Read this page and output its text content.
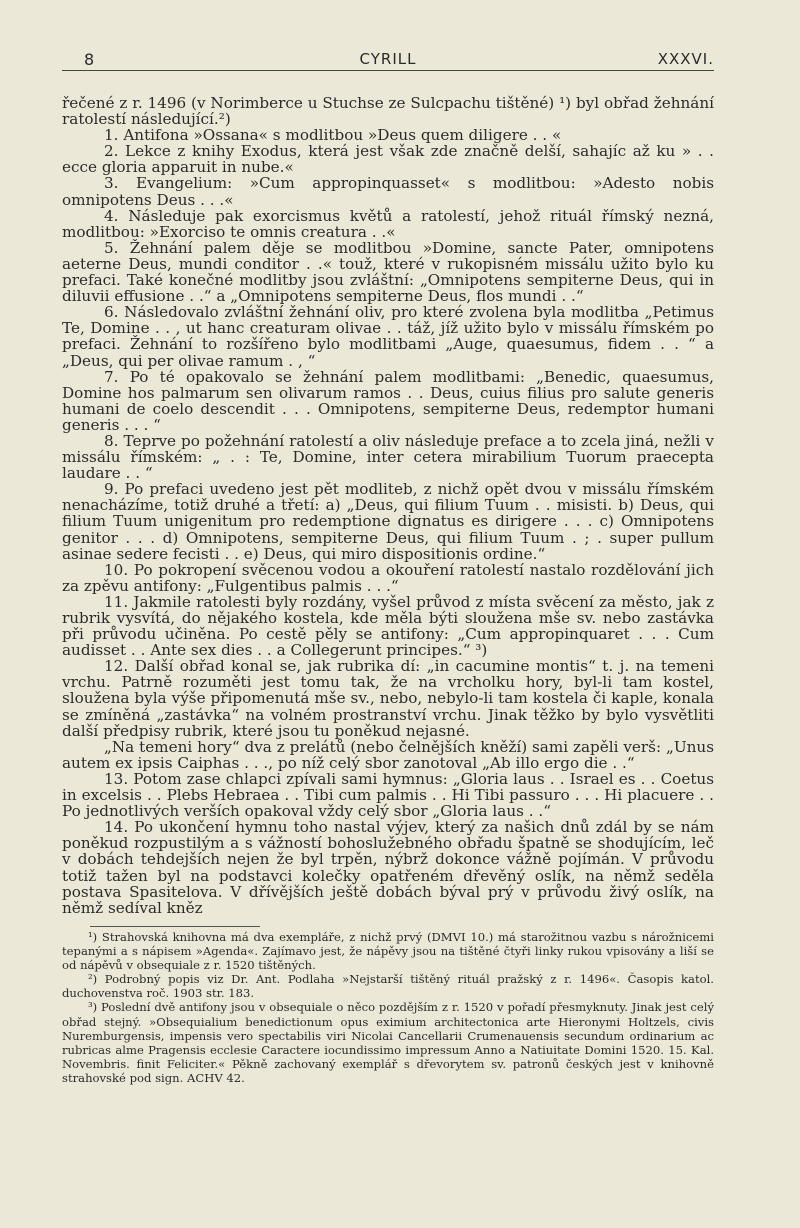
8	CYRILL	XXXVI.

řečené z r. 1496 (v Norimberce u Stuchse ze Sulcpachu tištěné) ¹) byl obřad žehnání ratolestí následující.²)

1. Antifona »Ossana« s modlitbou »Deus quem diligere . . «

2. Lekce z knihy Exodus, která jest však zde značně delší, sahajíc až ku » . . ecce gloria apparuit in nube.«

3. Evangelium: »Cum appropinquasset« s modlitbou: »Adesto nobis omnipotens Deus . . .«

4. Následuje pak exorcismus květů a ratolestí, jehož rituál římský nezná, modlitbou: »Exorciso te omnis creatura . .«

5. Žehnání palem děje se modlitbou »Domine, sancte Pater, omnipotens aeterne Deus, mundi conditor . .« touž, které v rukopisném missálu užito bylo ku prefaci. Také konečné modlitby jsou zvláštní: „Omnipotens sempiterne Deus, qui in diluvii effusione . .“ a „Omnipotens sempiterne Deus, flos mundi . .“

6. Následovalo zvláštní žehnání oliv, pro které zvolena byla modlitba „Petimus Te, Domine . . , ut hanc creaturam olivae . . táž, jíž užito bylo v missálu římském po prefaci. Žehnání to rozšířeno bylo modlitbami „Auge, quaesumus, fidem . . “ a „Deus, qui per olivae ramum . , “

7. Po té opakovalo se žehnání palem modlitbami: „Benedic, quaesumus, Domine hos palmarum sen olivarum ramos . . Deus, cuius filius pro salute generis humani de coelo descendit . . . Omnipotens, sempiterne Deus, redemptor humani generis . . . “

8. Teprve po požehnání ratolestí a oliv následuje preface a to zcela jiná, nežli v missálu římském: „ . : Te, Domine, inter cetera mirabilium Tuorum praecepta laudare . . “

9. Po prefaci uvedeno jest pět modliteb, z nichž opět dvou v missálu římském nenacházíme, totiž druhé a třetí: a) „Deus, qui filium Tuum . . misisti. b) Deus, qui filium Tuum unigenitum pro redemptione dignatus es dirigere . . . c) Omnipotens genitor . . . d) Omnipotens, sempiterne Deus, qui filium Tuum . ; . super pullum asinae sedere fecisti . . e) Deus, qui miro dispositionis ordine.“

10. Po pokropení svěcenou vodou a okouření ratolestí nastalo rozdělování jich za zpěvu antifony: „Fulgentibus palmis . . .“

11. Jakmile ratolesti byly rozdány, vyšel průvod z místa svěcení za město, jak z rubrik vysvítá, do nějakého kostela, kde měla býti sloužena mše sv. nebo zastávka při průvodu učiněna. Po cestě pěly se antifony: „Cum appropinquaret . . . Cum audisset . . Ante sex dies . . a Collegerunt principes.“ ³)

12. Další obřad konal se, jak rubrika dí: „in cacumine montis“ t. j. na temeni vrchu. Patrně rozuměti jest tomu tak, že na vrcholku hory, byl-li tam kostel, sloužena byla výše připomenutá mše sv., nebo, nebylo-li tam kostela či kaple, konala se zmíněná „zastávka“ na volném prostranství vrchu. Jinak těžko by bylo vysvětliti další předpisy rubrik, které jsou tu poněkud nejasné.

„Na temeni hory“ dva z prelátů (nebo čelnějších kněží) sami zapěli verš: „Unus autem ex ipsis Caiphas . . ., po níž celý sbor zanotoval „Ab illo ergo die . .“

13. Potom zase chlapci zpívali sami hymnus: „Gloria laus . . Israel es . . Coetus in excelsis . . Plebs Hebraea . . Tibi cum palmis . . Hi Tibi passuro . . . Hi placuere . . Po jednotlivých verších opakoval vždy celý sbor „Gloria laus . .“

14. Po ukončení hymnu toho nastal výjev, který za našich dnů zdál by se nám poněkud rozpustilým a s vážností bohoslužebného obřadu špatně se shodujícím, leč v dobách tehdejších nejen že byl trpěn, nýbrž dokonce vážně pojímán. V průvodu totiž tažen byl na podstavci kolečky opatřeném dřevěný oslík, na němž seděla postava Spasitelova. V dřívějších ještě dobách býval prý v průvodu živý oslík, na němž sedíval kněz

¹) Strahovská knihovna má dva exempláře, z nichž prvý (DMVI 10.) má starožitnou vazbu s nárožnicemi tepanými a s nápisem »Agenda«. Zajímavo jest, že nápěvy jsou na tištěné čtyři linky rukou vpisovány a liší se od nápěvů v obsequiale z r. 1520 tištěných.

²) Podrobný popis viz Dr. Ant. Podlaha »Nejstarší tištěný rituál pražský z r. 1496«. Časopis katol. duchovenstva roč. 1903 str. 183.

³) Poslední dvě antifony jsou v obsequiale o něco pozdějším z r. 1520 v pořadí přesmyknuty. Jinak jest celý obřad stejný. »Obsequialium benedictionum opus eximium architectonica arte Hieronymi Holtzels, civis Nuremburgensis, impensis vero spectabilis viri Nicolai Cancellarii Crumenauensis secundum ordinarium ac rubricas alme Pragensis ecclesie Caractere iocundissimo impressum Anno a Natiuitate Domini 1520. 15. Kal. Novembris. finit Feliciter.« Pěkně zachovaný exemplář s dřevorytem sv. patronů českých jest v knihovně strahovské pod sign. ACHV 42.
